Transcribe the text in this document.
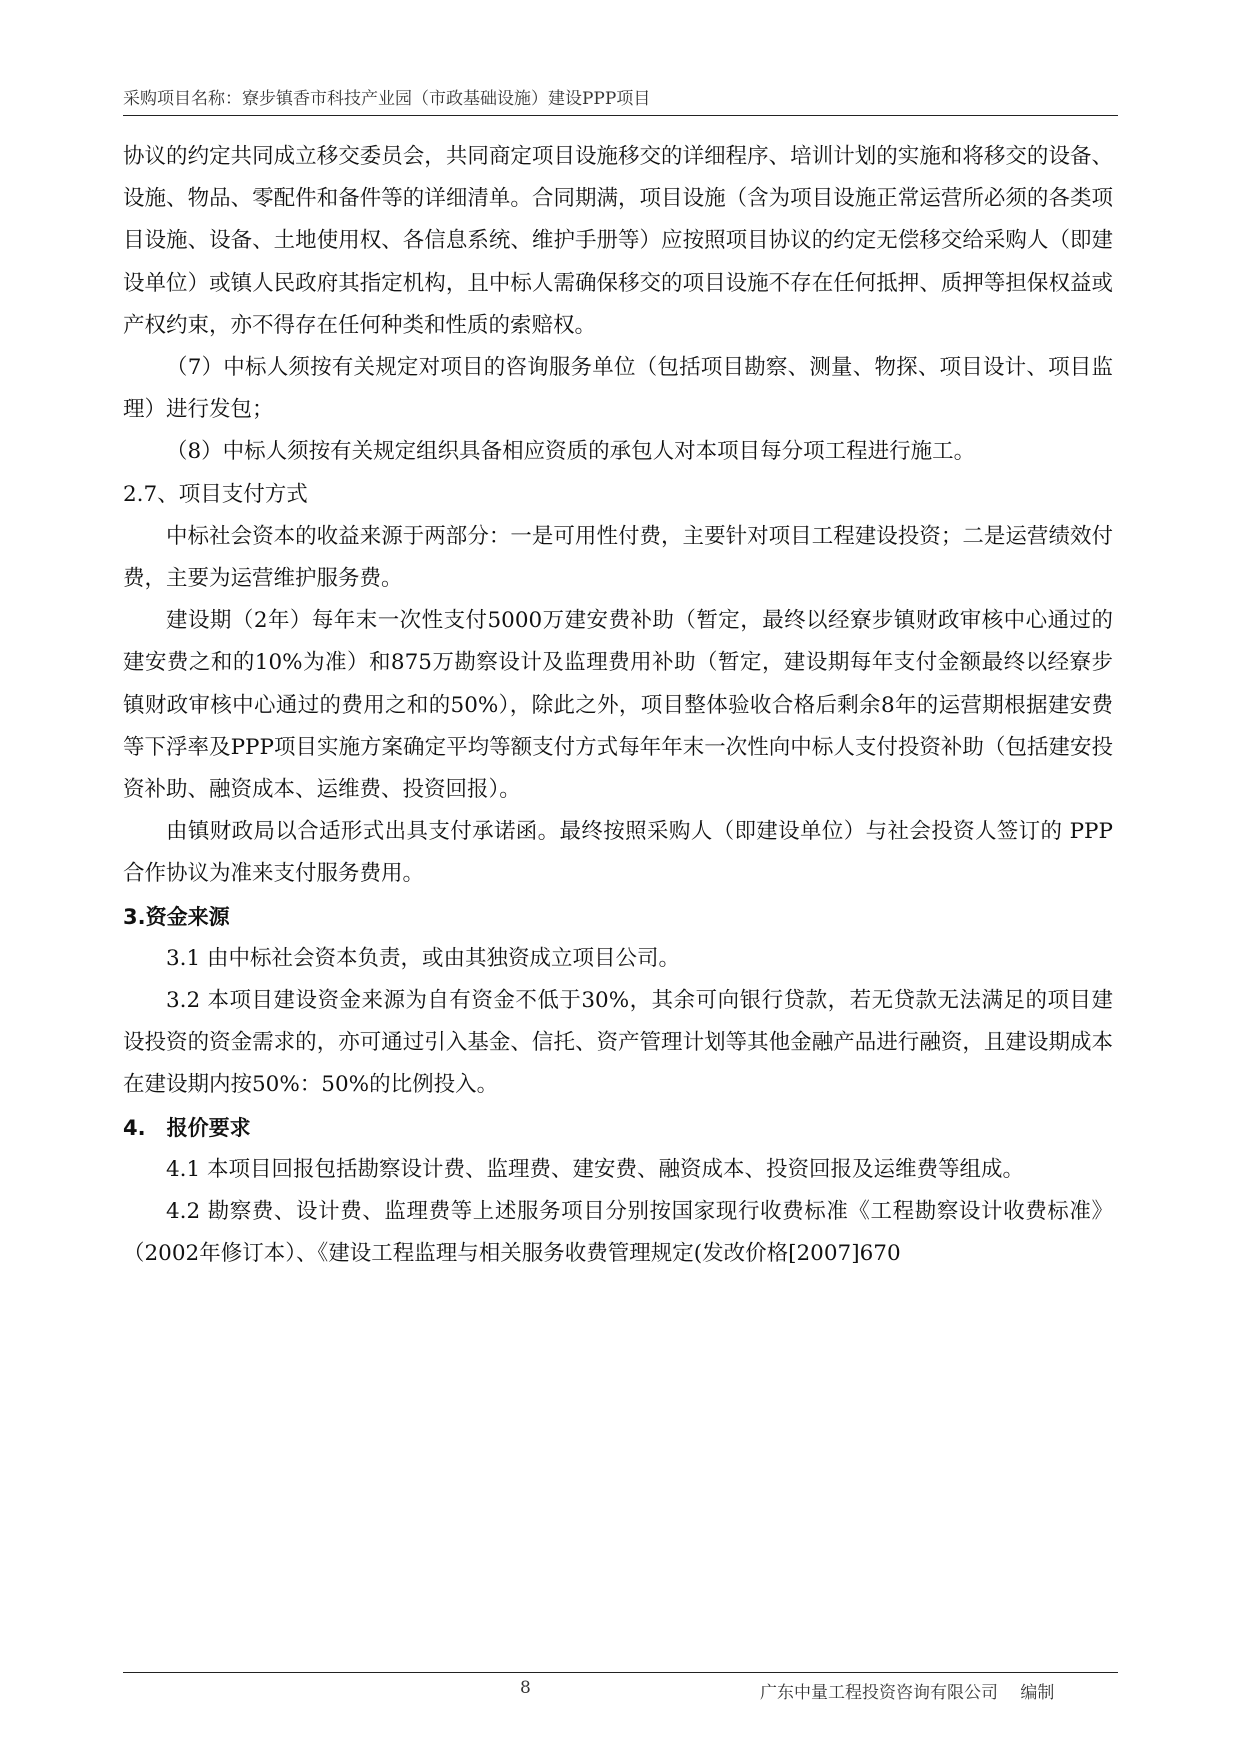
采购项目名称：寮步镇香市科技产业园（市政基础设施）建设PPP项目

协议的约定共同成立移交委员会，共同商定项目设施移交的详细程序、培训计划的实施和将移交的设备、设施、物品、零配件和备件等的详细清单。合同期满，项目设施（含为项目设施正常运营所必须的各类项目设施、设备、土地使用权、各信息系统、维护手册等）应按照项目协议的约定无偿移交给采购人（即建设单位）或镇人民政府其指定机构，且中标人需确保移交的项目设施不存在任何抵押、质押等担保权益或产权约束，亦不得存在任何种类和性质的索赔权。

（7）中标人须按有关规定对项目的咨询服务单位（包括项目勘察、测量、物探、项目设计、项目监理）进行发包；

（8）中标人须按有关规定组织具备相应资质的承包人对本项目每分项工程进行施工。

2.7、项目支付方式

中标社会资本的收益来源于两部分：一是可用性付费，主要针对项目工程建设投资；二是运营绩效付费，主要为运营维护服务费。

建设期（2年）每年末一次性支付5000万建安费补助（暂定，最终以经寮步镇财政审核中心通过的建安费之和的10%为准）和875万勘察设计及监理费用补助（暂定，建设期每年支付金额最终以经寮步镇财政审核中心通过的费用之和的50%），除此之外，项目整体验收合格后剩余8年的运营期根据建安费等下浮率及PPP项目实施方案确定平均等额支付方式每年年末一次性向中标人支付投资补助（包括建安投资补助、融资成本、运维费、投资回报）。

由镇财政局以合适形式出具支付承诺函。最终按照采购人（即建设单位）与社会投资人签订的 PPP 合作协议为准来支付服务费用。

3.资金来源

3.1 由中标社会资本负责，或由其独资成立项目公司。

3.2 本项目建设资金来源为自有资金不低于30%，其余可向银行贷款，若无贷款无法满足的项目建设投资的资金需求的，亦可通过引入基金、信托、资产管理计划等其他金融产品进行融资，且建设期成本在建设期内按50%：50%的比例投入。

4.　报价要求

4.1 本项目回报包括勘察设计费、监理费、建安费、融资成本、投资回报及运维费等组成。

4.2 勘察费、设计费、监理费等上述服务项目分别按国家现行收费标准《工程勘察设计收费标准》（2002年修订本）、《建设工程监理与相关服务收费管理规定(发改价格[2007]670

8	广东中量工程投资咨询有限公司　 编制
